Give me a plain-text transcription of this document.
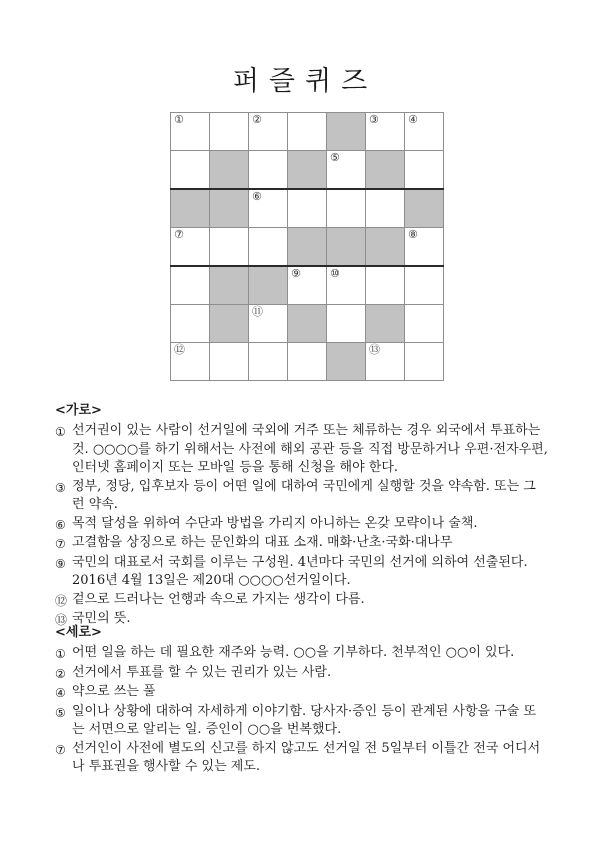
퍼즐퀴즈
①		②			③	④
				⑤		
		⑥				
⑦						⑧
			⑨	⑩		
		⑪				
⑫					⑬	
<가로>
① 선거권이 있는 사람이 선거일에 국외에 거주 또는 체류하는 경우 외국에서 투표하는 것. ○○○○를 하기 위해서는 사전에 해외 공관 등을 직접 방문하거나 우편·전자우편, 인터넷 홈페이지 또는 모바일 등을 통해 신청을 해야 한다.
③ 정부, 정당, 입후보자 등이 어떤 일에 대하여 국민에게 실행할 것을 약속함. 또는 그런 약속.
⑥ 목적 달성을 위하여 수단과 방법을 가리지 아니하는 온갖 모략이나 술책.
⑦ 고결함을 상징으로 하는 문인화의 대표 소재. 매화·난초·국화·대나무
⑨ 국민의 대표로서 국회를 이루는 구성원. 4년마다 국민의 선거에 의하여 선출된다. 2016년 4월 13일은 제20대 ○○○○선거일이다.
⑫ 겉으로 드러나는 언행과 속으로 가지는 생각이 다름.
⑬ 국민의 뜻.
<세로>
① 어떤 일을 하는 데 필요한 재주와 능력. ○○을 기부하다. 천부적인 ○○이 있다.
② 선거에서 투표를 할 수 있는 권리가 있는 사람.
④ 약으로 쓰는 풀
⑤ 일이나 상황에 대하여 자세하게 이야기함. 당사자·증인 등이 관계된 사항을 구술 또는 서면으로 알리는 일. 증인이 ○○을 번복했다.
⑦ 선거인이 사전에 별도의 신고를 하지 않고도 선거일 전 5일부터 이틀간 전국 어디서나 투표권을 행사할 수 있는 제도.
